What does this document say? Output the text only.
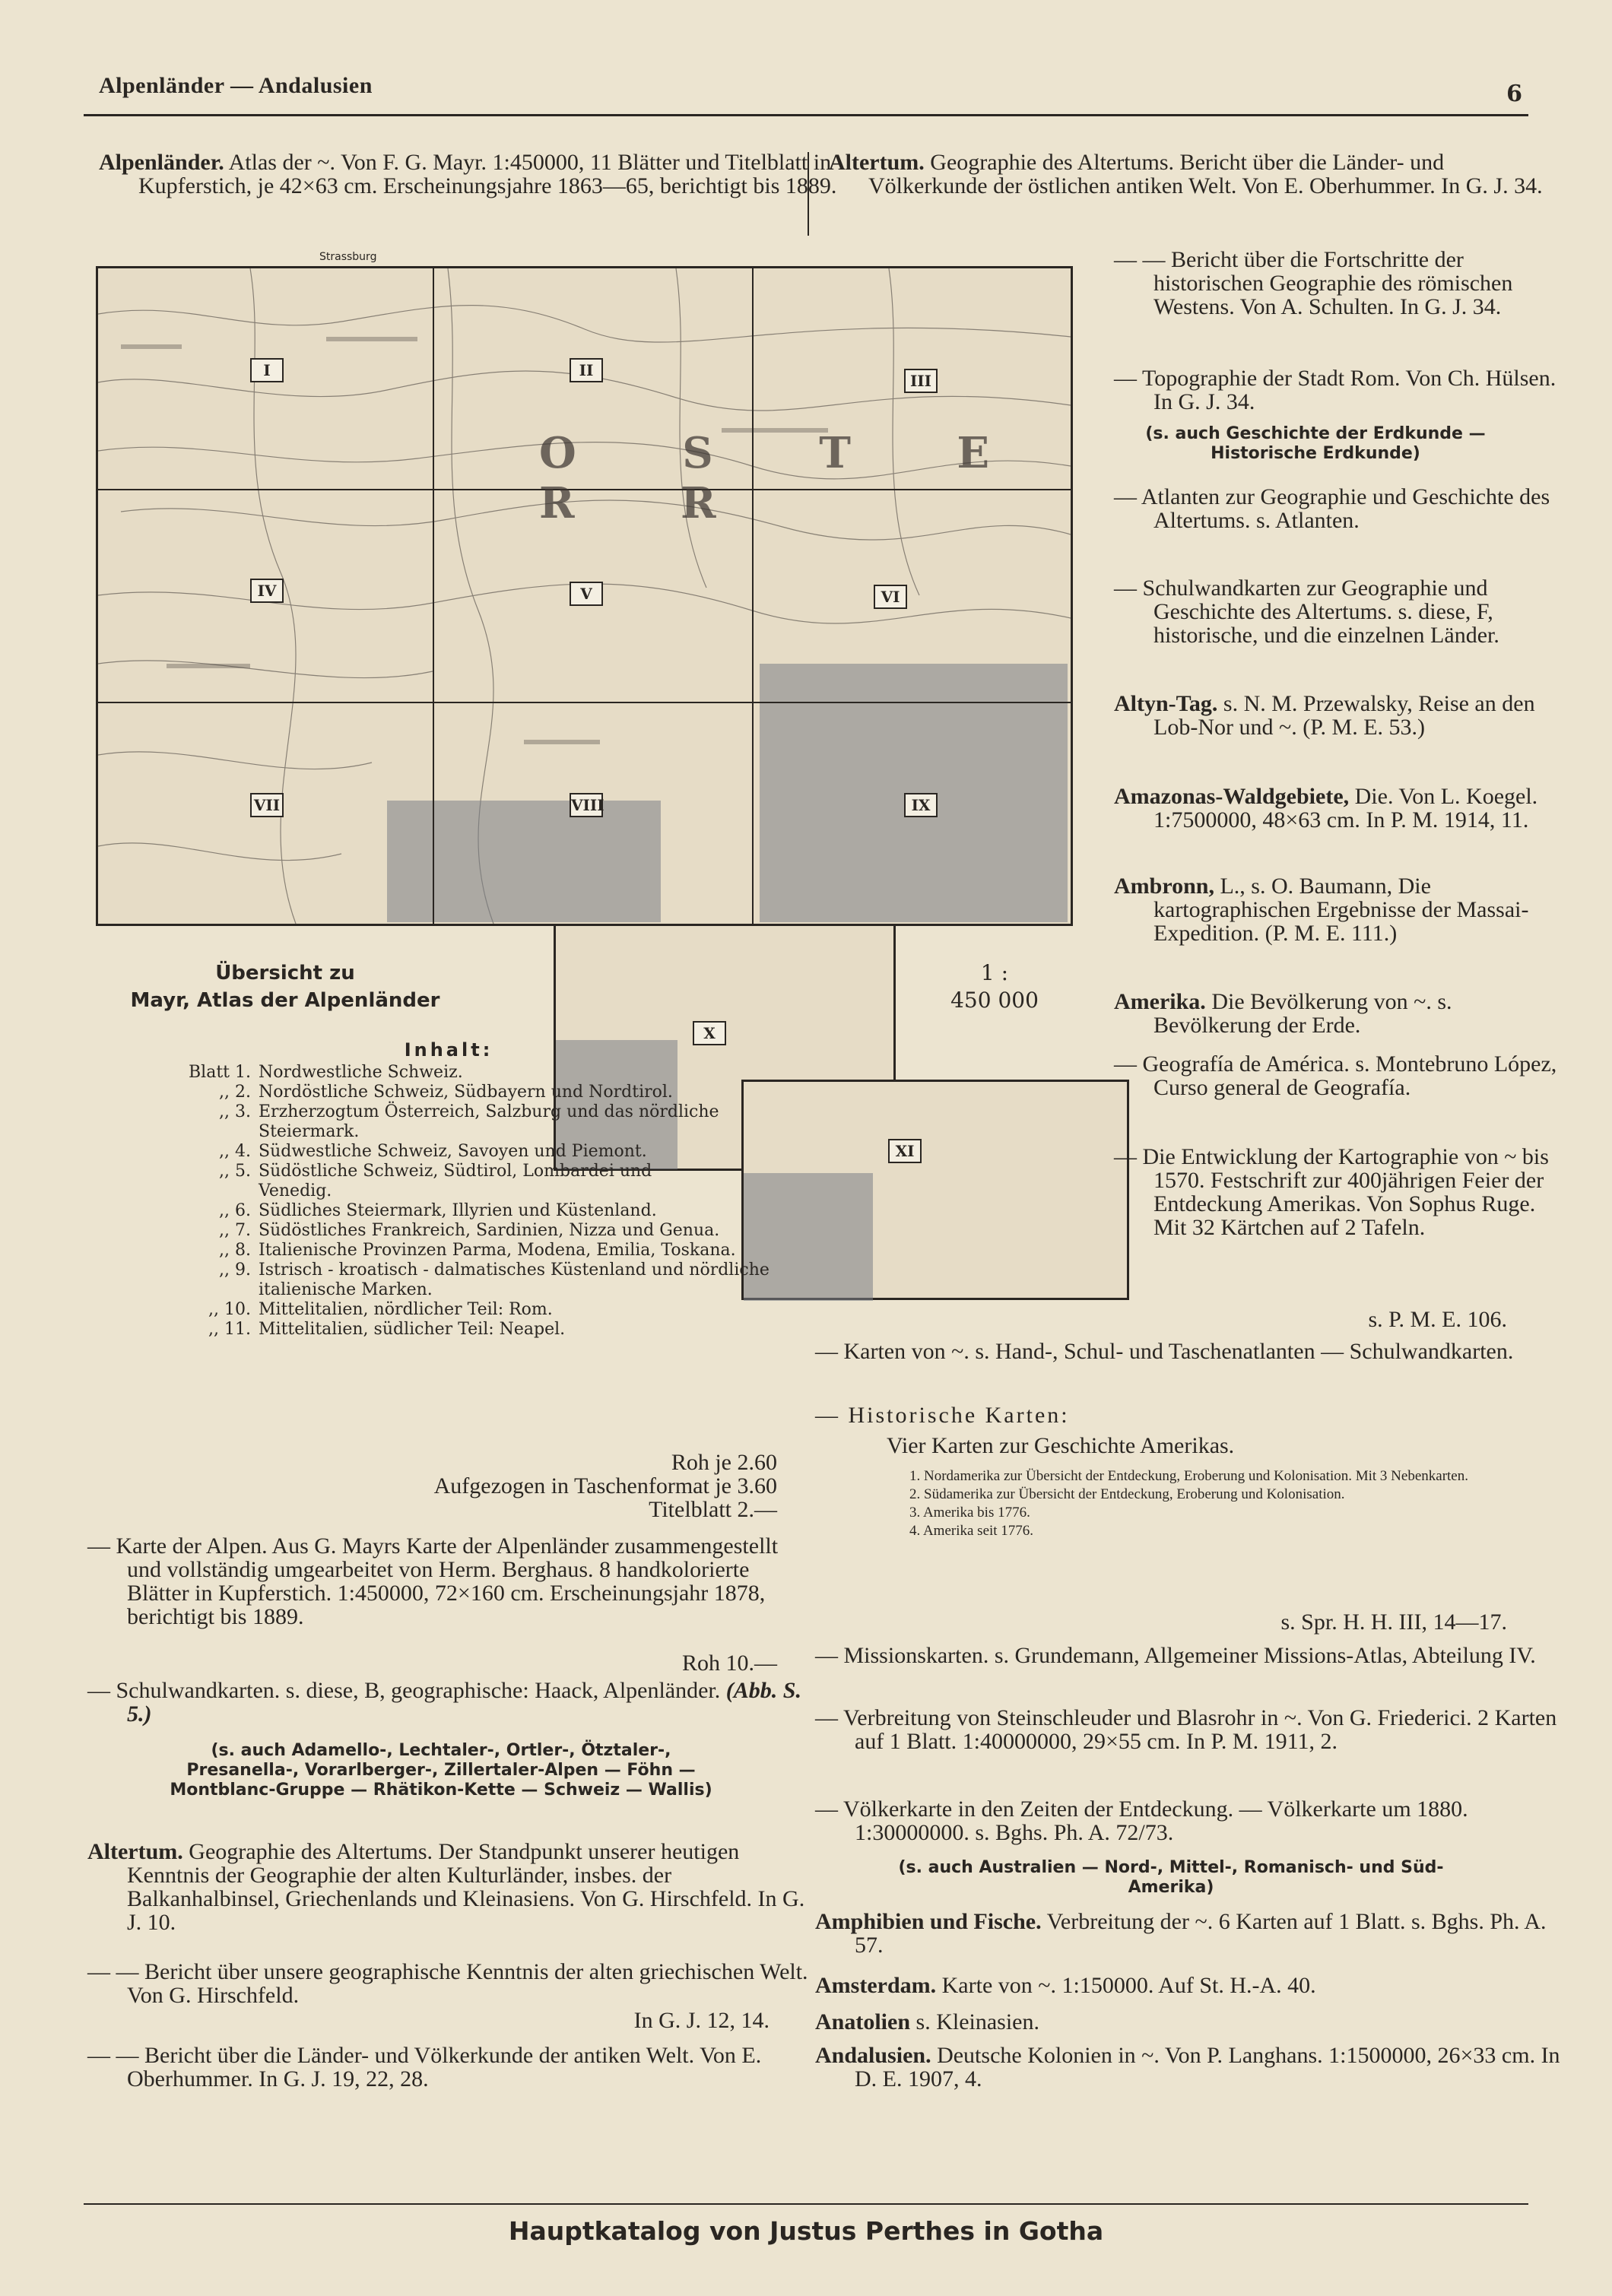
Alpenländer — Andalusien	6
Alpenländer. Atlas der ~. Von F. G. Mayr. 1:450000, 11 Blätter und Titelblatt in Kupferstich, je 42×63 cm. Erscheinungsjahre 1863—65, berichtigt bis 1889.
Strassburg
O S T E R R
I	II
III
IV	V	VI
VII	VIII	IX
X
XI
Übersicht zu
Mayr, Atlas der Alpenländer
1 :
450 000
Inhalt:
Blatt 1. Nordwestliche Schweiz.
,, 2. Nordöstliche Schweiz, Südbayern und Nordtirol.
,, 3. Erzherzogtum Österreich, Salzburg und das nördliche Steiermark.
,, 4. Südwestliche Schweiz, Savoyen und Piemont.
,, 5. Südöstliche Schweiz, Südtirol, Lombardei und Venedig.
,, 6. Südliches Steiermark, Illyrien und Küstenland.
,, 7. Südöstliches Frankreich, Sardinien, Nizza und Genua.
,, 8. Italienische Provinzen Parma, Modena, Emilia, Toskana.
,, 9. Istrisch - kroatisch - dalmatisches Küstenland und nördliche italienische Marken.
,, 10. Mittelitalien, nördlicher Teil: Rom.
,, 11. Mittelitalien, südlicher Teil: Neapel.
Roh je 2.60
Aufgezogen in Taschenformat je 3.60
Titelblatt 2.—
— Karte der Alpen. Aus G. Mayrs Karte der Alpenländer zusammengestellt und vollständig umgearbeitet von Herm. Berghaus. 8 handkolorierte Blätter in Kupferstich. 1:450000, 72×160 cm. Erscheinungsjahr 1878, berichtigt bis 1889.
Roh 10.—
— Schulwandkarten. s. diese, B, geographische: Haack, Alpenländer. (Abb. S. 5.)
(s. auch Adamello-, Lechtaler-, Ortler-, Ötztaler-, Presanella-, Vorarlberger-, Zillertaler-Alpen — Föhn — Montblanc-Gruppe — Rhätikon-Kette — Schweiz — Wallis)
Altertum. Geographie des Altertums. Der Standpunkt unserer heutigen Kenntnis der Geographie der alten Kulturländer, insbes. der Balkanhalbinsel, Griechenlands und Kleinasiens. Von G. Hirschfeld. In G. J. 10.
— — Bericht über unsere geographische Kenntnis der alten griechischen Welt. Von G. Hirschfeld.
In G. J. 12, 14.
— — Bericht über die Länder- und Völkerkunde der antiken Welt. Von E. Oberhummer. In G. J. 19, 22, 28.
Altertum. Geographie des Altertums. Bericht über die Länder- und Völkerkunde der östlichen antiken Welt. Von E. Oberhummer. In G. J. 34.
— — Bericht über die Fortschritte der historischen Geographie des römischen Westens. Von A. Schulten. In G. J. 34.
— Topographie der Stadt Rom. Von Ch. Hülsen. In G. J. 34.
(s. auch Geschichte der Erdkunde — Historische Erdkunde)
— Atlanten zur Geographie und Geschichte des Altertums. s. Atlanten.
— Schulwandkarten zur Geographie und Geschichte des Altertums. s. diese, F, historische, und die einzelnen Länder.
Altyn-Tag. s. N. M. Przewalsky, Reise an den Lob-Nor und ~. (P. M. E. 53.)
Amazonas-Waldgebiete, Die. Von L. Koegel. 1:7500000, 48×63 cm. In P. M. 1914, 11.
Ambronn, L., s. O. Baumann, Die kartographischen Ergebnisse der Massai-Expedition. (P. M. E. 111.)
Amerika. Die Bevölkerung von ~. s. Bevölkerung der Erde.
— Geografía de América. s. Montebruno López, Curso general de Geografía.
— Die Entwicklung der Kartographie von ~ bis 1570. Festschrift zur 400jährigen Feier der Entdeckung Amerikas. Von Sophus Ruge. Mit 32 Kärtchen auf 2 Tafeln.
s. P. M. E. 106.
— Karten von ~. s. Hand-, Schul- und Taschenatlanten — Schulwandkarten.
— Historische Karten:
Vier Karten zur Geschichte Amerikas.
1. Nordamerika zur Übersicht der Entdeckung, Eroberung und Kolonisation. Mit 3 Nebenkarten.
2. Südamerika zur Übersicht der Entdeckung, Eroberung und Kolonisation.
3. Amerika bis 1776.
4. Amerika seit 1776.
s. Spr. H. H. III, 14—17.
— Missionskarten. s. Grundemann, Allgemeiner Missions-Atlas, Abteilung IV.
— Verbreitung von Steinschleuder und Blasrohr in ~. Von G. Friederici. 2 Karten auf 1 Blatt. 1:40000000, 29×55 cm. In P. M. 1911, 2.
— Völkerkarte in den Zeiten der Entdeckung. — Völkerkarte um 1880. 1:30000000. s. Bghs. Ph. A. 72/73.
(s. auch Australien — Nord-, Mittel-, Romanisch- und Süd-Amerika)
Amphibien und Fische. Verbreitung der ~. 6 Karten auf 1 Blatt. s. Bghs. Ph. A. 57.
Amsterdam. Karte von ~. 1:150000. Auf St. H.-A. 40.
Anatolien s. Kleinasien.
Andalusien. Deutsche Kolonien in ~. Von P. Langhans. 1:1500000, 26×33 cm. In D. E. 1907, 4.
Hauptkatalog von Justus Perthes in Gotha
